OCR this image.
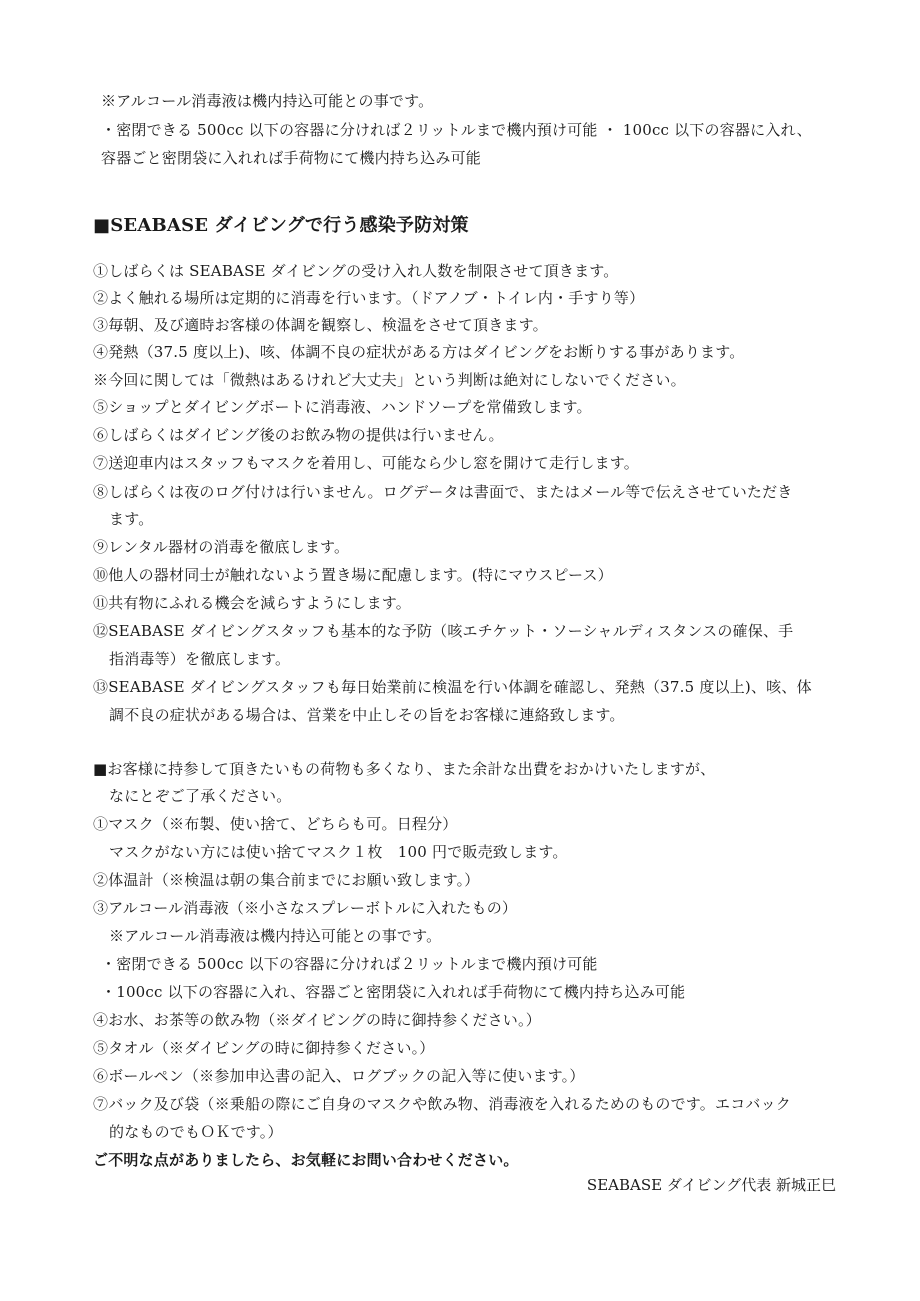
※アルコール消毒液は機内持込可能との事です。
・密閉できる 500cc 以下の容器に分ければ２リットルまで機内預け可能 ・ 100cc 以下の容器に入れ、
容器ごと密閉袋に入れれば手荷物にて機内持ち込み可能
■SEABASE ダイビングで行う感染予防対策
①しばらくは SEABASE ダイビングの受け入れ人数を制限させて頂きます。
②よく触れる場所は定期的に消毒を行います。（ドアノブ・トイレ内・手すり等）
③毎朝、及び適時お客様の体調を観察し、検温をさせて頂きます。
④発熱（37.5 度以上)、咳、体調不良の症状がある方はダイビングをお断りする事があります。
※今回に関しては「微熱はあるけれど大丈夫」という判断は絶対にしないでください。
⑤ショップとダイビングボートに消毒液、ハンドソープを常備致します。
⑥しばらくはダイビング後のお飲み物の提供は行いません。
⑦送迎車内はスタッフもマスクを着用し、可能なら少し窓を開けて走行します。
⑧しばらくは夜のログ付けは行いません。ログデータは書面で、またはメール等で伝えさせていただき
ます。
⑨レンタル器材の消毒を徹底します。
⑩他人の器材同士が触れないよう置き場に配慮します。(特にマウスピース）
⑪共有物にふれる機会を減らすようにします。
⑫SEABASE ダイビングスタッフも基本的な予防（咳エチケット・ソーシャルディスタンスの確保、手
指消毒等）を徹底します。
⑬SEABASE ダイビングスタッフも毎日始業前に検温を行い体調を確認し、発熱（37.5 度以上)、咳、体
調不良の症状がある場合は、営業を中止しその旨をお客様に連絡致します。
■お客様に持参して頂きたいもの荷物も多くなり、また余計な出費をおかけいたしますが、
なにとぞご了承ください。
①マスク（※布製、使い捨て、どちらも可。日程分）
マスクがない方には使い捨てマスク１枚　100 円で販売致します。
②体温計（※検温は朝の集合前までにお願い致します。）
③アルコール消毒液（※小さなスプレーボトルに入れたもの）
※アルコール消毒液は機内持込可能との事です。
・密閉できる 500cc 以下の容器に分ければ２リットルまで機内預け可能
・100cc 以下の容器に入れ、容器ごと密閉袋に入れれば手荷物にて機内持ち込み可能
④お水、お茶等の飲み物（※ダイビングの時に御持参ください。）
⑤タオル（※ダイビングの時に御持参ください。）
⑥ボールペン（※参加申込書の記入、ログブックの記入等に使います。）
⑦バック及び袋（※乗船の際にご自身のマスクや飲み物、消毒液を入れるためのものです。エコバック
的なものでもＯＫです。）
ご不明な点がありましたら、お気軽にお問い合わせください。
SEABASE ダイビング代表 新城正巳
